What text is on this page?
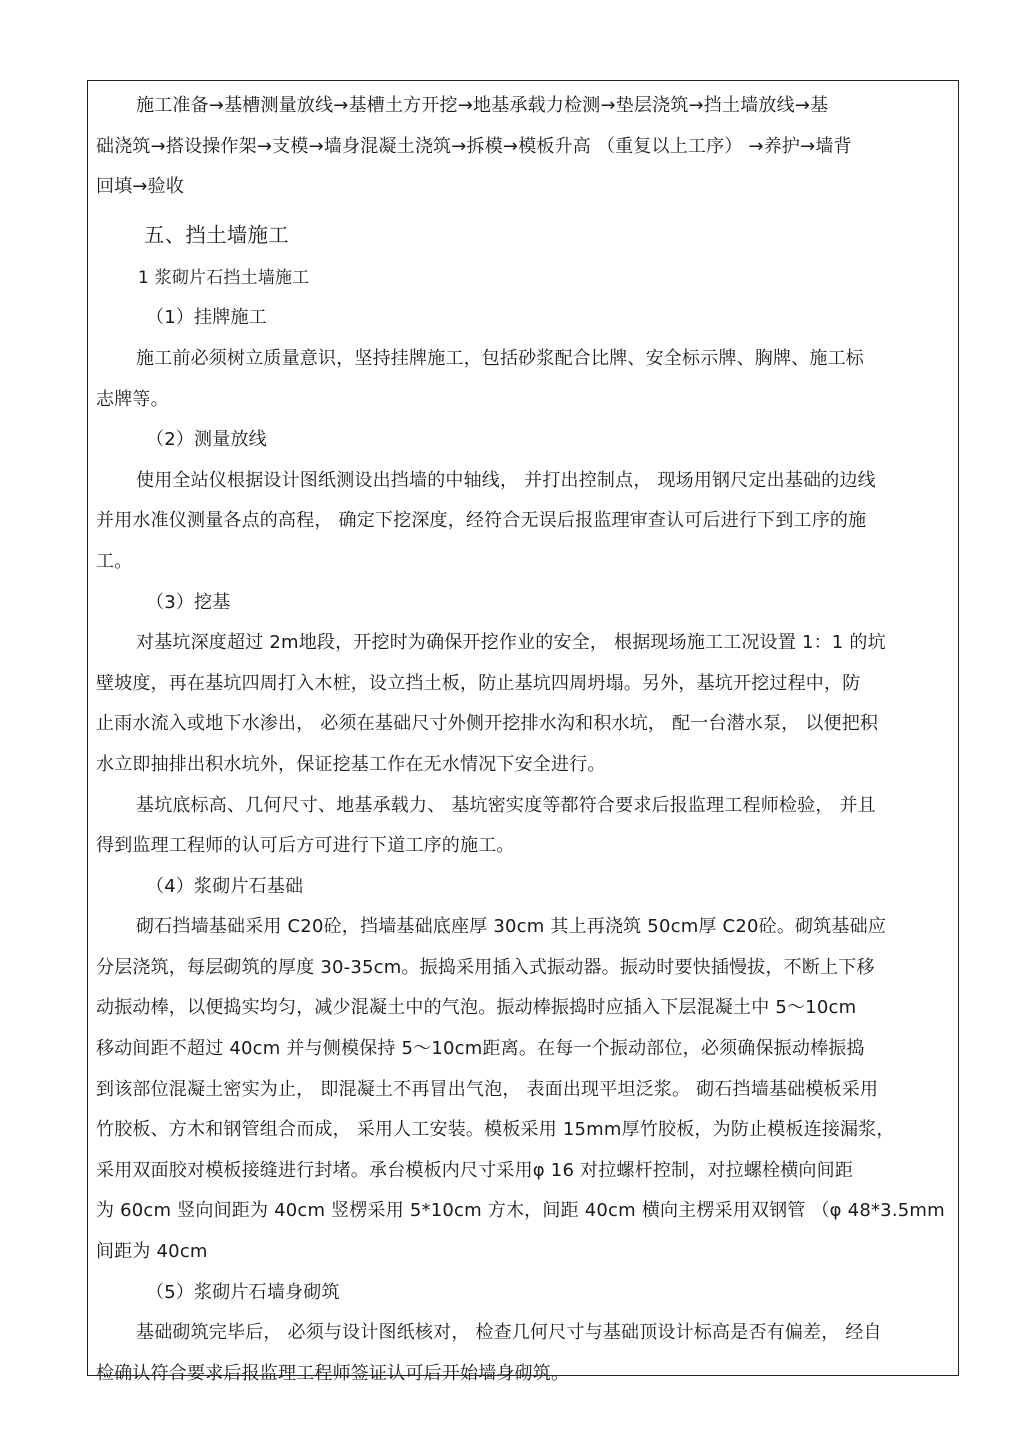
施工准备→基槽测量放线→基槽土方开挖→地基承载力检测→垫层浇筑→挡土墙放线→基
础浇筑→搭设操作架→支模→墙身混凝土浇筑→拆模→模板升高 （重复以上工序） →养护→墙背
回填→验收
五、挡土墙施工
1 浆砌片石挡土墙施工
（1）挂牌施工
施工前必须树立质量意识，坚持挂牌施工，包括砂浆配合比牌、安全标示牌、胸牌、施工标
志牌等。
（2）测量放线
使用全站仪根据设计图纸测设出挡墙的中轴线， 并打出控制点， 现场用钢尺定出基础的边线
并用水准仪测量各点的高程， 确定下挖深度，经符合无误后报监理审查认可后进行下到工序的施
工。
（3）挖基
对基坑深度超过 2m地段，开挖时为确保开挖作业的安全， 根据现场施工工况设置 1：1 的坑
壁坡度，再在基坑四周打入木桩，设立挡土板，防止基坑四周坍塌。另外，基坑开挖过程中，防
止雨水流入或地下水渗出， 必须在基础尺寸外侧开挖排水沟和积水坑， 配一台潜水泵， 以便把积
水立即抽排出积水坑外，保证挖基工作在无水情况下安全进行。
基坑底标高、几何尺寸、地基承载力、 基坑密实度等都符合要求后报监理工程师检验， 并且
得到监理工程师的认可后方可进行下道工序的施工。
（4）浆砌片石基础
砌石挡墙基础采用 C20砼，挡墙基础底座厚 30cm 其上再浇筑 50cm厚 C20砼。砌筑基础应
分层浇筑，每层砌筑的厚度 30-35cm。振捣采用插入式振动器。振动时要快插慢拔，不断上下移
动振动棒，以便捣实均匀，减少混凝土中的气泡。振动棒振捣时应插入下层混凝土中 5～10cm
移动间距不超过 40cm 并与侧模保持 5～10cm距离。在每一个振动部位，必须确保振动棒振捣
到该部位混凝土密实为止， 即混凝土不再冒出气泡， 表面出现平坦泛浆。 砌石挡墙基础模板采用
竹胶板、方木和钢管组合而成， 采用人工安装。模板采用 15mm厚竹胶板，为防止模板连接漏浆，
采用双面胶对模板接缝进行封堵。承台模板内尺寸采用φ 16 对拉螺杆控制，对拉螺栓横向间距
为 60cm 竖向间距为 40cm 竖楞采用 5*10cm 方木，间距 40cm 横向主楞采用双钢管 （φ 48*3.5mm
间距为 40cm
（5）浆砌片石墙身砌筑
基础砌筑完毕后， 必须与设计图纸核对， 检查几何尺寸与基础顶设计标高是否有偏差， 经自
检确认符合要求后报监理工程师签证认可后开始墙身砌筑。
